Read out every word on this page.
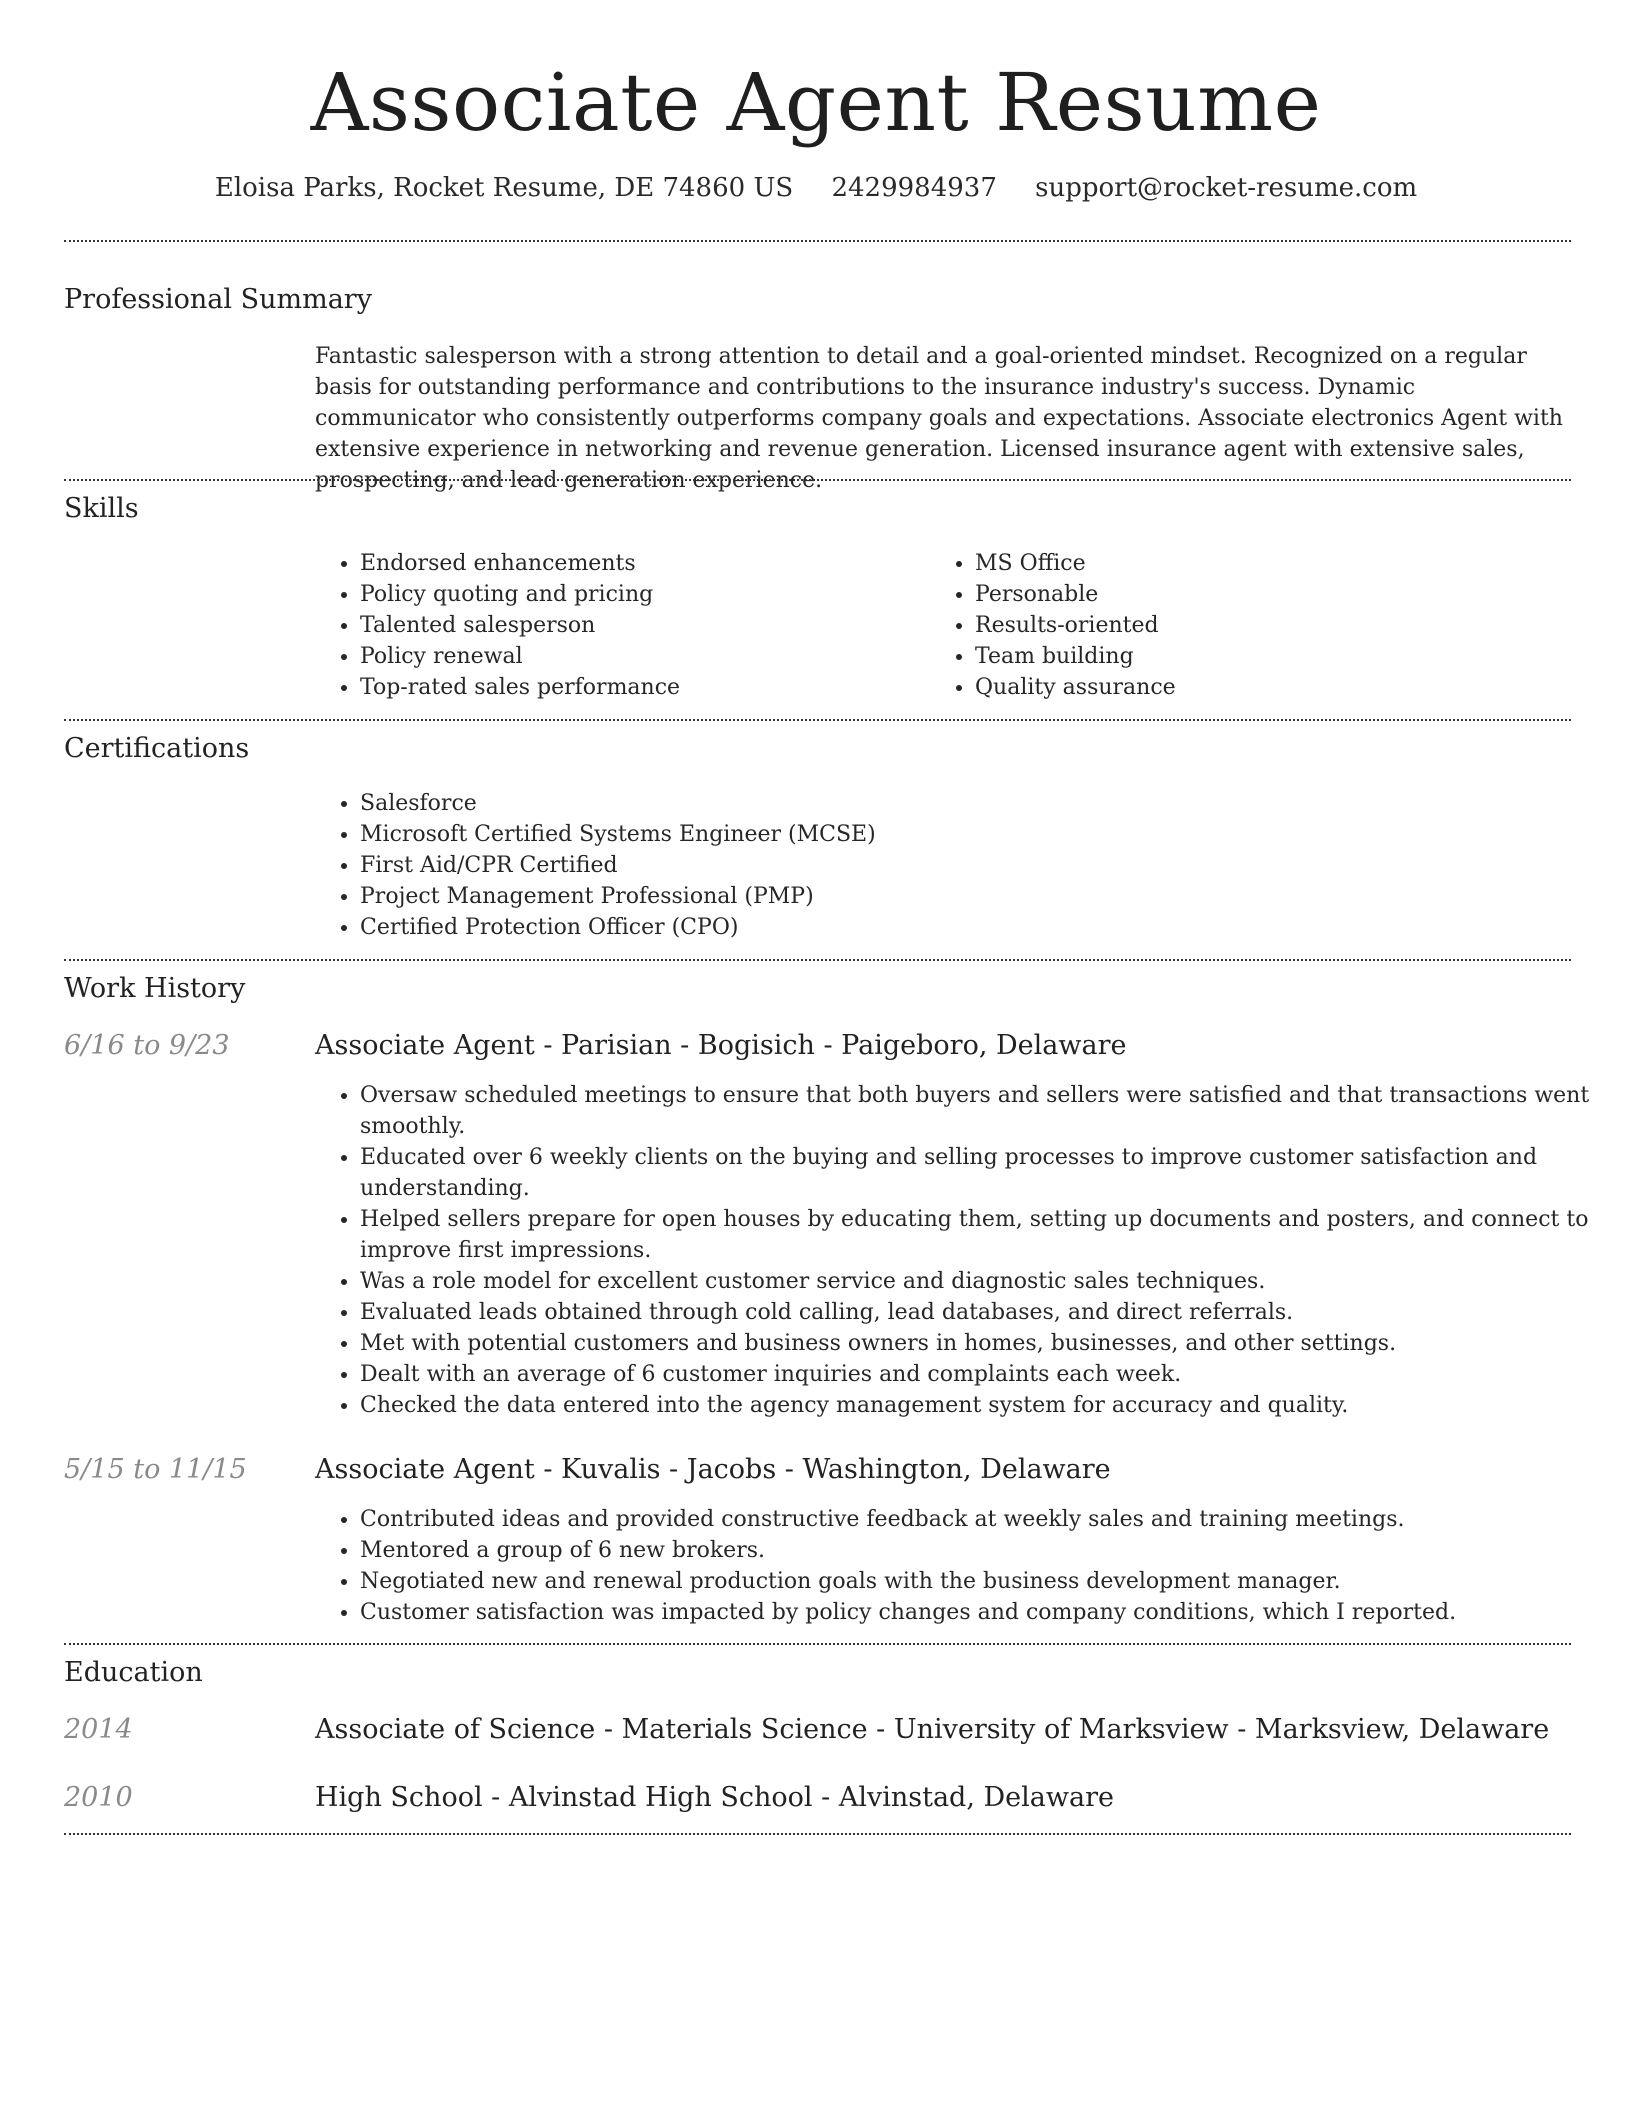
Associate Agent Resume
Eloisa Parks, Rocket Resume, DE 74860 US 2429984937 support@rocket-resume.com
Professional Summary

Fantastic salesperson with a strong attention to detail and a goal-oriented mindset. Recognized on a regular basis for outstanding performance and contributions to the insurance industry's success. Dynamic communicator who consistently outperforms company goals and expectations. Associate electronics Agent with extensive experience in networking and revenue generation. Licensed insurance agent with extensive sales, prospecting, and lead generation experience.

Skills
• Endorsed enhancements
• Policy quoting and pricing
• Talented salesperson
• Policy renewal
• Top-rated sales performance
• MS Office
• Personable
• Results-oriented
• Team building
• Quality assurance
Certifications
• Salesforce
• Microsoft Certified Systems Engineer (MCSE)
• First Aid/CPR Certified
• Project Management Professional (PMP)
• Certified Protection Officer (CPO)
Work History
6/16 to 9/23	Associate Agent - Parisian - Bogisich - Paigeboro, Delaware
• Oversaw scheduled meetings to ensure that both buyers and sellers were satisfied and that transactions went smoothly.
• Educated over 6 weekly clients on the buying and selling processes to improve customer satisfaction and understanding.
• Helped sellers prepare for open houses by educating them, setting up documents and posters, and connect to improve first impressions.
• Was a role model for excellent customer service and diagnostic sales techniques.
• Evaluated leads obtained through cold calling, lead databases, and direct referrals.
• Met with potential customers and business owners in homes, businesses, and other settings.
• Dealt with an average of 6 customer inquiries and complaints each week.
• Checked the data entered into the agency management system for accuracy and quality.
5/15 to 11/15	Associate Agent - Kuvalis - Jacobs - Washington, Delaware
• Contributed ideas and provided constructive feedback at weekly sales and training meetings.
• Mentored a group of 6 new brokers.
• Negotiated new and renewal production goals with the business development manager.
• Customer satisfaction was impacted by policy changes and company conditions, which I reported.
Education
2014	Associate of Science - Materials Science - University of Marksview - Marksview, Delaware
2010	High School - Alvinstad High School - Alvinstad, Delaware
